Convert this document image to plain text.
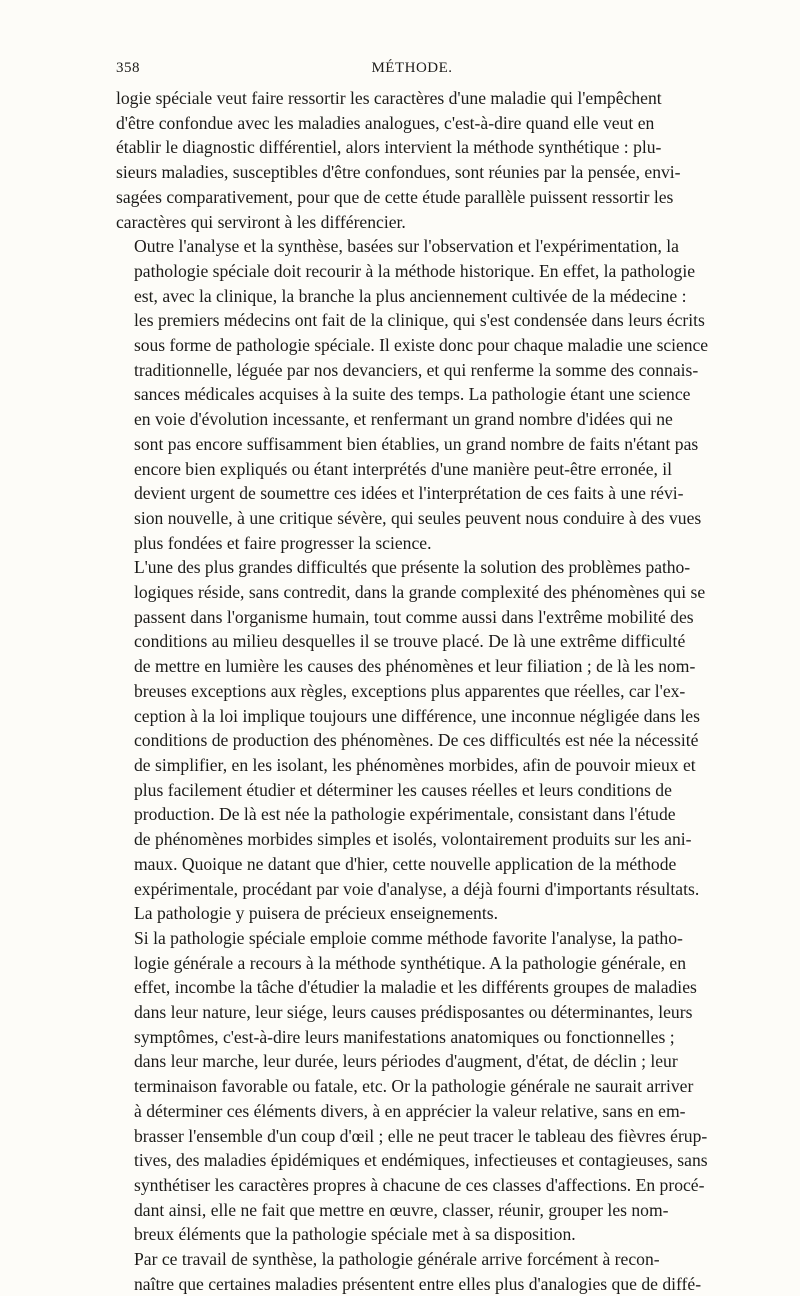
358	MÉTHODE.

logie spéciale veut faire ressortir les caractères d'une maladie qui l'empêchent
d'être confondue avec les maladies analogues, c'est-à-dire quand elle veut en
établir le diagnostic différentiel, alors intervient la méthode synthétique : plu-
sieurs maladies, susceptibles d'être confondues, sont réunies par la pensée, envi-
sagées comparativement, pour que de cette étude parallèle puissent ressortir les
caractères qui serviront à les différencier.

Outre l'analyse et la synthèse, basées sur l'observation et l'expérimentation, la
pathologie spéciale doit recourir à la méthode historique. En effet, la pathologie
est, avec la clinique, la branche la plus anciennement cultivée de la médecine :
les premiers médecins ont fait de la clinique, qui s'est condensée dans leurs écrits
sous forme de pathologie spéciale. Il existe donc pour chaque maladie une science
traditionnelle, léguée par nos devanciers, et qui renferme la somme des connais-
sances médicales acquises à la suite des temps. La pathologie étant une science
en voie d'évolution incessante, et renfermant un grand nombre d'idées qui ne
sont pas encore suffisamment bien établies, un grand nombre de faits n'étant pas
encore bien expliqués ou étant interprétés d'une manière peut-être erronée, il
devient urgent de soumettre ces idées et l'interprétation de ces faits à une révi-
sion nouvelle, à une critique sévère, qui seules peuvent nous conduire à des vues
plus fondées et faire progresser la science.

L'une des plus grandes difficultés que présente la solution des problèmes patho-
logiques réside, sans contredit, dans la grande complexité des phénomènes qui se
passent dans l'organisme humain, tout comme aussi dans l'extrême mobilité des
conditions au milieu desquelles il se trouve placé. De là une extrême difficulté
de mettre en lumière les causes des phénomènes et leur filiation ; de là les nom-
breuses exceptions aux règles, exceptions plus apparentes que réelles, car l'ex-
ception à la loi implique toujours une différence, une inconnue négligée dans les
conditions de production des phénomènes. De ces difficultés est née la nécessité
de simplifier, en les isolant, les phénomènes morbides, afin de pouvoir mieux et
plus facilement étudier et déterminer les causes réelles et leurs conditions de
production. De là est née la pathologie expérimentale, consistant dans l'étude
de phénomènes morbides simples et isolés, volontairement produits sur les ani-
maux. Quoique ne datant que d'hier, cette nouvelle application de la méthode
expérimentale, procédant par voie d'analyse, a déjà fourni d'importants résultats.
La pathologie y puisera de précieux enseignements.

Si la pathologie spéciale emploie comme méthode favorite l'analyse, la patho-
logie générale a recours à la méthode synthétique. A la pathologie générale, en
effet, incombe la tâche d'étudier la maladie et les différents groupes de maladies
dans leur nature, leur siége, leurs causes prédisposantes ou déterminantes, leurs
symptômes, c'est-à-dire leurs manifestations anatomiques ou fonctionnelles ;
dans leur marche, leur durée, leurs périodes d'augment, d'état, de déclin ; leur
terminaison favorable ou fatale, etc. Or la pathologie générale ne saurait arriver
à déterminer ces éléments divers, à en apprécier la valeur relative, sans en em-
brasser l'ensemble d'un coup d'œil ; elle ne peut tracer le tableau des fièvres érup-
tives, des maladies épidémiques et endémiques, infectieuses et contagieuses, sans
synthétiser les caractères propres à chacune de ces classes d'affections. En procé-
dant ainsi, elle ne fait que mettre en œuvre, classer, réunir, grouper les nom-
breux éléments que la pathologie spéciale met à sa disposition.

Par ce travail de synthèse, la pathologie générale arrive forcément à recon-
naître que certaines maladies présentent entre elles plus d'analogies que de diffé-
